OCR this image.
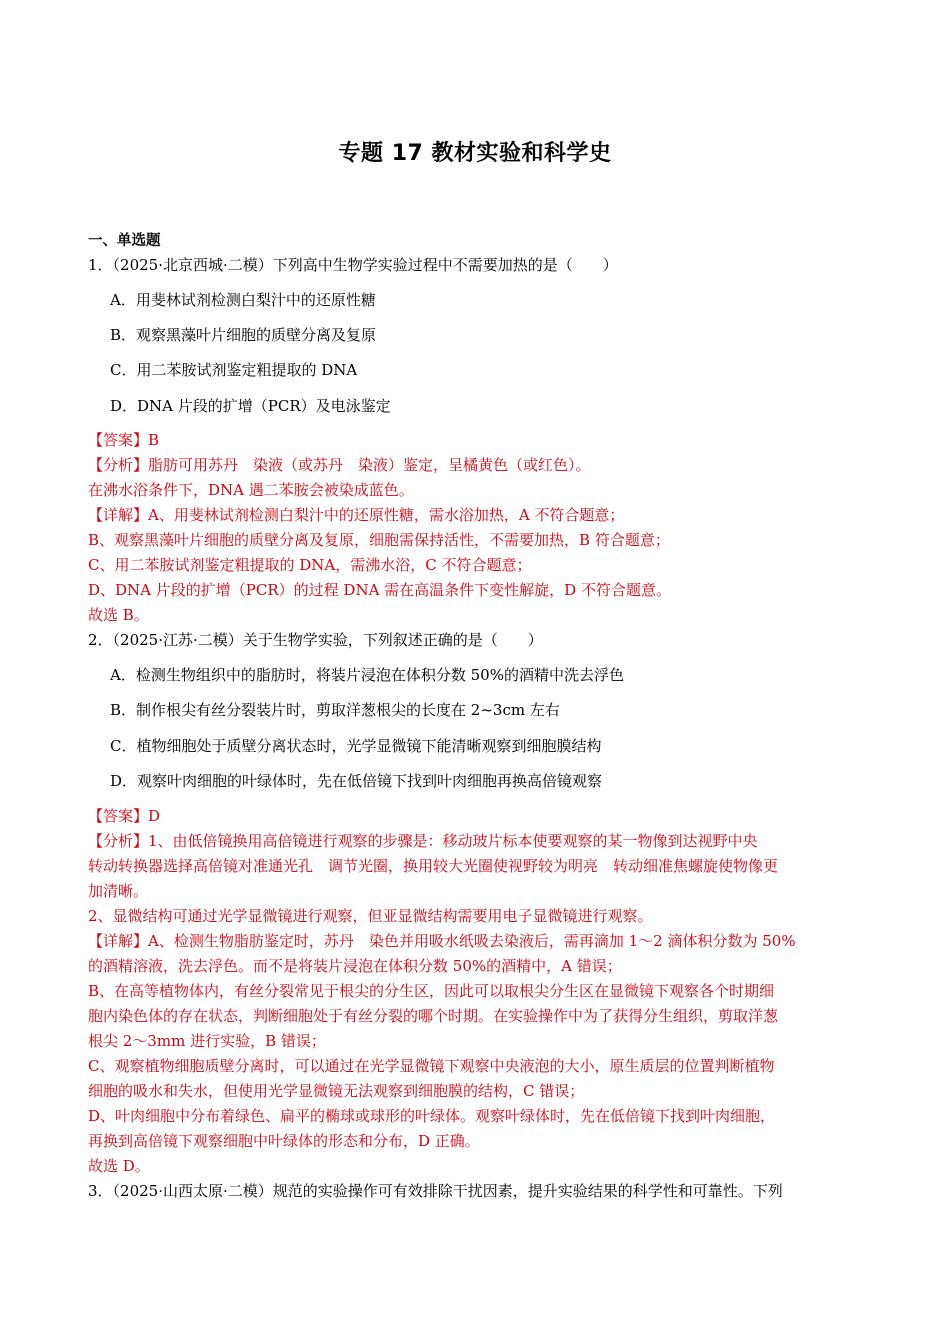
专题 17 教材实验和科学史
一、单选题
1．（2025·北京西城·二模）下列高中生物学实验过程中不需要加热的是（　　）
A．用斐林试剂检测白梨汁中的还原性糖
B．观察黑藻叶片细胞的质壁分离及复原
C．用二苯胺试剂鉴定粗提取的 DNA
D．DNA 片段的扩增（PCR）及电泳鉴定
【答案】B
【分析】脂肪可用苏丹　染液（或苏丹　染液）鉴定，呈橘黄色（或红色）。
在沸水浴条件下，DNA 遇二苯胺会被染成蓝色。
【详解】A、用斐林试剂检测白梨汁中的还原性糖，需水浴加热，A 不符合题意；
B、观察黑藻叶片细胞的质壁分离及复原，细胞需保持活性，不需要加热，B 符合题意；
C、用二苯胺试剂鉴定粗提取的 DNA，需沸水浴，C 不符合题意；
D、DNA 片段的扩增（PCR）的过程 DNA 需在高温条件下变性解旋，D 不符合题意。
故选 B。
2．（2025·江苏·二模）关于生物学实验，下列叙述正确的是（　　）
A．检测生物组织中的脂肪时，将装片浸泡在体积分数 50%的酒精中洗去浮色
B．制作根尖有丝分裂装片时，剪取洋葱根尖的长度在 2~3cm 左右
C．植物细胞处于质壁分离状态时，光学显微镜下能清晰观察到细胞膜结构
D．观察叶肉细胞的叶绿体时，先在低倍镜下找到叶肉细胞再换高倍镜观察
【答案】D
【分析】1、由低倍镜换用高倍镜进行观察的步骤是：移动玻片标本使要观察的某一物像到达视野中央
转动转换器选择高倍镜对准通光孔　调节光圈，换用较大光圈使视野较为明亮　转动细准焦螺旋使物像更
加清晰。
2、显微结构可通过光学显微镜进行观察，但亚显微结构需要用电子显微镜进行观察。
【详解】A、检测生物脂肪鉴定时，苏丹　染色并用吸水纸吸去染液后，需再滴加 1～2 滴体积分数为 50%
的酒精溶液，洗去浮色。而不是将装片浸泡在体积分数 50%的酒精中，A 错误；
B、在高等植物体内，有丝分裂常见于根尖的分生区，因此可以取根尖分生区在显微镜下观察各个时期细
胞内染色体的存在状态，判断细胞处于有丝分裂的哪个时期。在实验操作中为了获得分生组织，剪取洋葱
根尖 2～3mm 进行实验，B 错误；
C、观察植物细胞质壁分离时，可以通过在光学显微镜下观察中央液泡的大小，原生质层的位置判断植物
细胞的吸水和失水，但使用光学显微镜无法观察到细胞膜的结构，C 错误；
D、叶肉细胞中分布着绿色、扁平的椭球或球形的叶绿体。观察叶绿体时，先在低倍镜下找到叶肉细胞，
再换到高倍镜下观察细胞中叶绿体的形态和分布，D 正确。
故选 D。
3．（2025·山西太原·二模）规范的实验操作可有效排除干扰因素，提升实验结果的科学性和可靠性。下列
